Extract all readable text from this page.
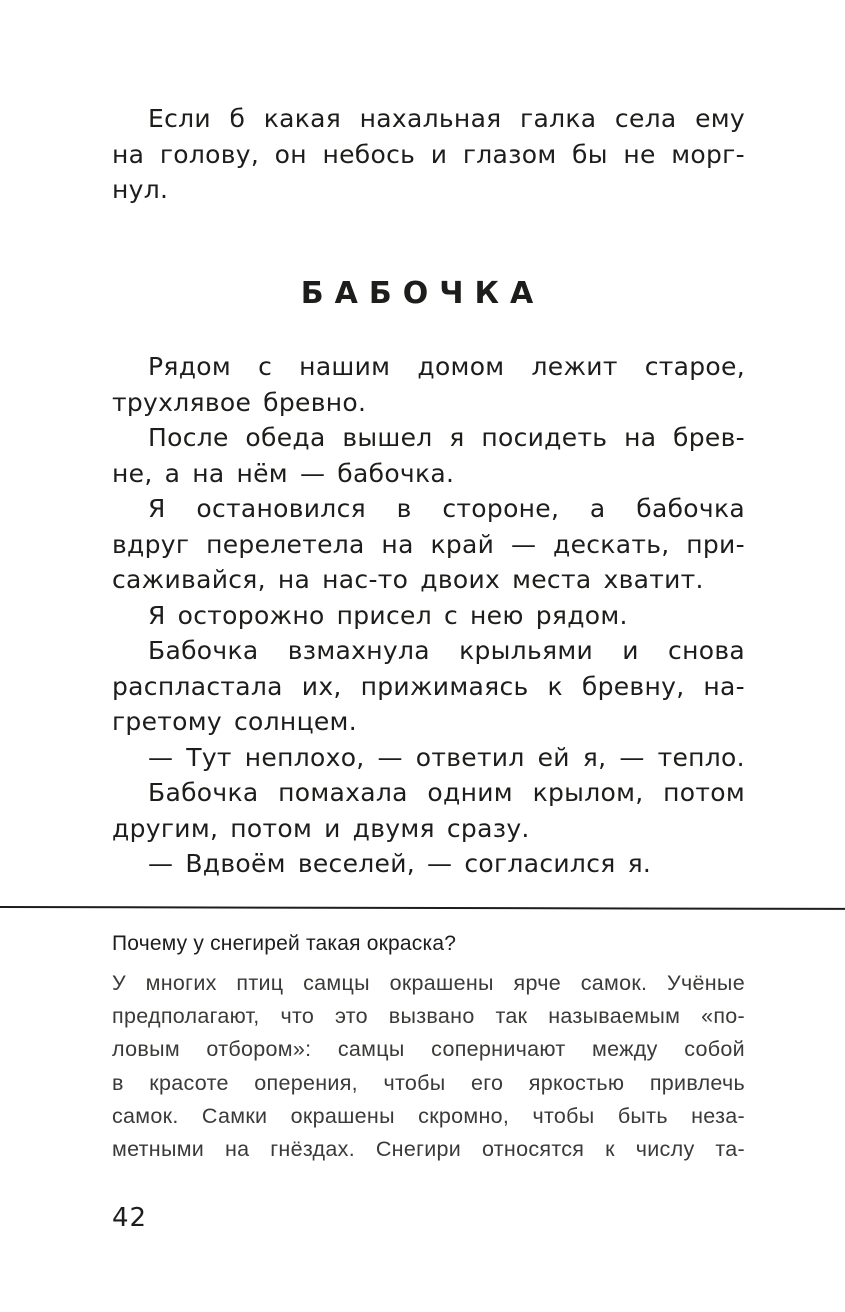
Если б какая нахальная галка села ему
на голову, он небось и глазом бы не морг-
нул.
БАБОЧКА
Рядом с нашим домом лежит старое,
трухлявое бревно.
После обеда вышел я посидеть на брев-
не, а на нём — бабочка.
Я остановился в стороне, а бабочка
вдруг перелетела на край — дескать, при-
саживайся, на нас-то двоих места хватит.
Я осторожно присел с нею рядом.
Бабочка взмахнула крыльями и снова
распластала их, прижимаясь к бревну, на-
гретому солнцем.
— Тут неплохо, — ответил ей я, — тепло.
Бабочка помахала одним крылом, потом
другим, потом и двумя сразу.
— Вдвоём веселей, — согласился я.
Почему у снегирей такая окраска?
У многих птиц самцы окрашены ярче самок. Учёные
предполагают, что это вызвано так называемым «по-
ловым отбором»: самцы соперничают между собой
в красоте оперения, чтобы его яркостью привлечь
самок. Самки окрашены скромно, чтобы быть неза-
метными на гнёздах. Снегири относятся к числу та-
42
